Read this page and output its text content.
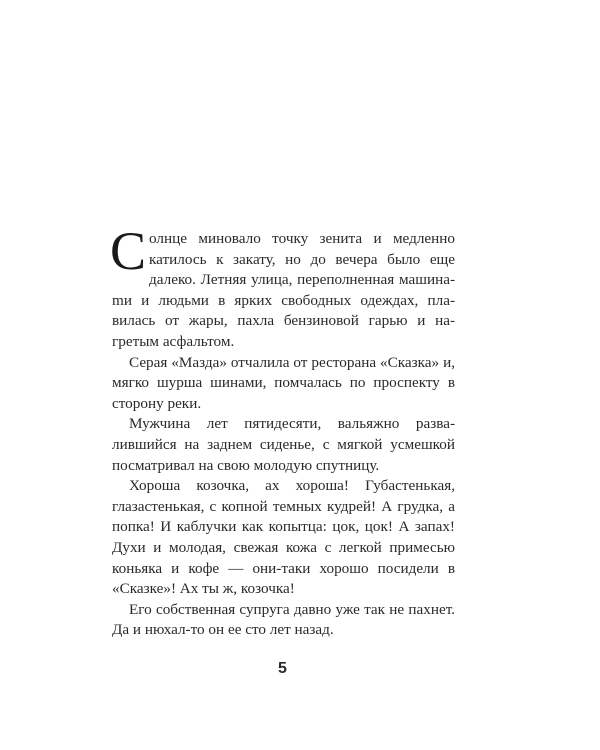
Солнце миновало точку зенита и медленно катилось к закату, но до вечера было еще далеко. Летняя улица, переполненная машинаmи и людьми в ярких свободных одеждах, плавилась от жары, пахла бензиновой гарью и нагретым асфальтом.

Серая «Мазда» отчалила от ресторана «Сказка» и, мягко шурша шинами, помчалась по проспекту в сторону реки.

Мужчина лет пятидесяти, вальяжно развалившийся на заднем сиденье, с мягкой усмешкой посматривал на свою молодую спутницу.

Хороша козочка, ах хороша! Губастенькая, глазастенькая, с копной темных кудрей! А грудка, а попка! И каблучки как копытца: цок, цок! А запах! Духи и молодая, свежая кожа с легкой примесью коньяка и кофе — они-таки хорошо посидели в «Сказке»! Ах ты ж, козочка!

Его собственная супруга давно уже так не пахнет. Да и нюхал-то он ее сто лет назад.

5
